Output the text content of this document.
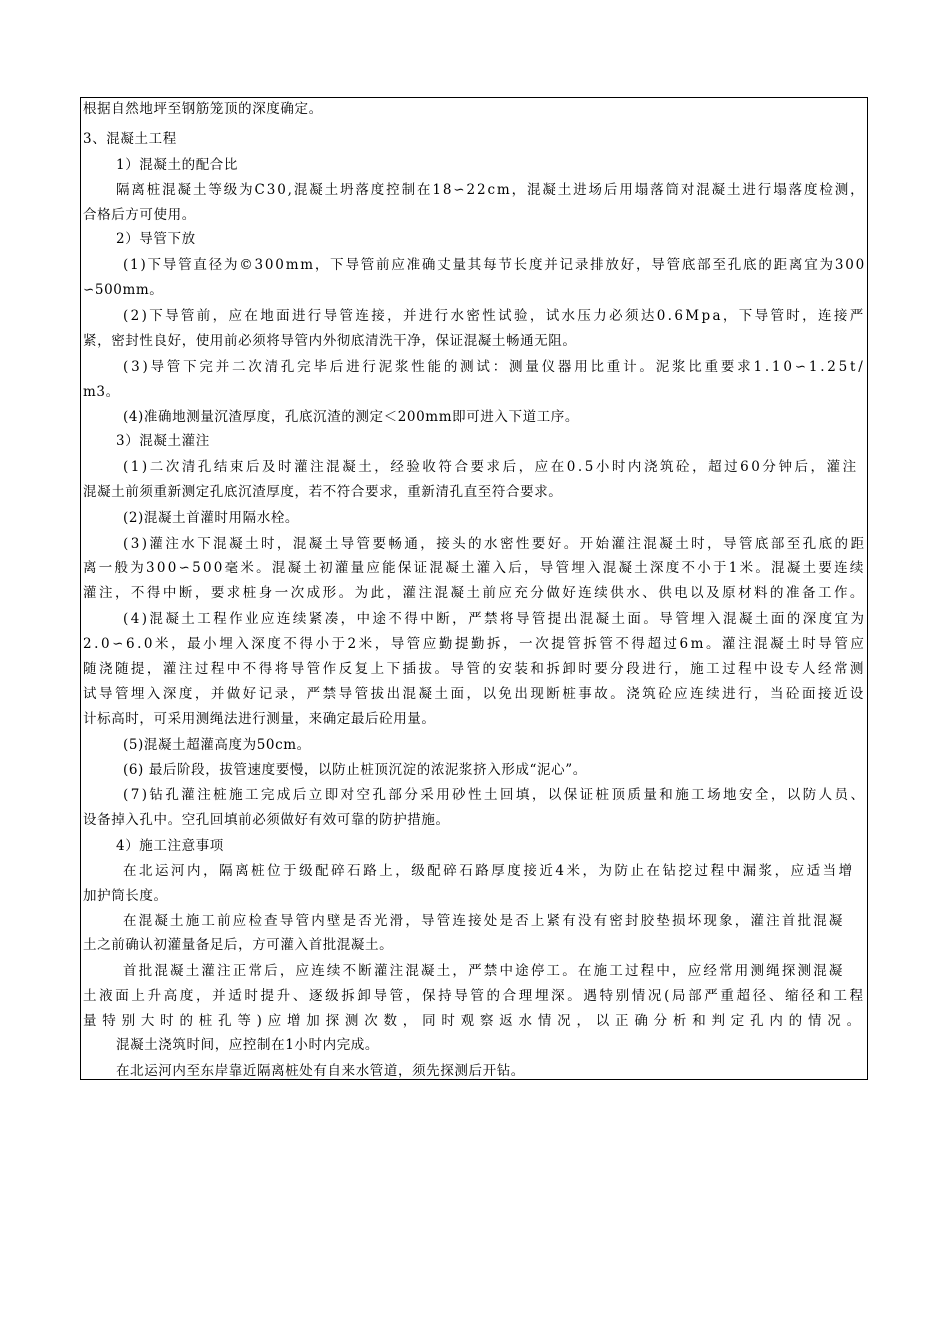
根据自然地坪至钢筋笼顶的深度确定。
3、混凝土工程
1）混凝土的配合比
隔离桩混凝土等级为C30,混凝土坍落度控制在18∽22cm，混凝土进场后用塌落筒对混凝土进行塌落度检测，
合格后方可使用。
2）导管下放
(1)下导管直径为©300mm，下导管前应准确丈量其每节长度并记录排放好，导管底部至孔底的距离宜为300
∽500mm。
(2)下导管前，应在地面进行导管连接，并进行水密性试验，试水压力必须达0.6Mpa，下导管时，连接严
紧，密封性良好，使用前必须将导管内外彻底清洗干净，保证混凝土畅通无阻。
(3)导管下完并二次清孔完毕后进行泥浆性能的测试：测量仪器用比重计。泥浆比重要求1.10∽1.25t/
m3。
(4)准确地测量沉渣厚度，孔底沉渣的测定＜200mm即可进入下道工序。
3）混凝土灌注
(1)二次清孔结束后及时灌注混凝土，经验收符合要求后，应在0.5小时内浇筑砼，超过60分钟后，灌注
混凝土前须重新测定孔底沉渣厚度，若不符合要求，重新清孔直至符合要求。
(2)混凝土首灌时用隔水栓。
(3)灌注水下混凝土时，混凝土导管要畅通，接头的水密性要好。开始灌注混凝土时，导管底部至孔底的距
离一般为300∽500毫米。混凝土初灌量应能保证混凝土灌入后，导管埋入混凝土深度不小于1米。混凝土要连续
灌注，不得中断，要求桩身一次成形。为此，灌注混凝土前应充分做好连续供水、供电以及原材料的准备工作。
(4)混凝土工程作业应连续紧凑，中途不得中断，严禁将导管提出混凝土面。导管埋入混凝土面的深度宜为
2.0∽6.0米，最小埋入深度不得小于2米，导管应勤提勤拆，一次提管拆管不得超过6m。灌注混凝土时导管应
随浇随提，灌注过程中不得将导管作反复上下插拔。导管的安装和拆卸时要分段进行，施工过程中设专人经常测
试导管埋入深度，并做好记录，严禁导管拔出混凝土面，以免出现断桩事故。浇筑砼应连续进行，当砼面接近设
计标高时，可采用测绳法进行测量，来确定最后砼用量。
(5)混凝土超灌高度为50cm。
(6) 最后阶段，拔管速度要慢，以防止桩顶沉淀的浓泥浆挤入形成“泥心”。
(7)钻孔灌注桩施工完成后立即对空孔部分采用砂性土回填，以保证桩顶质量和施工场地安全，以防人员、
设备掉入孔中。空孔回填前必须做好有效可靠的防护措施。
4）施工注意事项
在北运河内，隔离桩位于级配碎石路上，级配碎石路厚度接近4米，为防止在钻挖过程中漏浆，应适当增
加护筒长度。
在混凝土施工前应检查导管内壁是否光滑，导管连接处是否上紧有没有密封胶垫损坏现象，灌注首批混凝
土之前确认初灌量备足后，方可灌入首批混凝土。
首批混凝土灌注正常后，应连续不断灌注混凝土，严禁中途停工。在施工过程中，应经常用测绳探测混凝
土液面上升高度，并适时提升、逐级拆卸导管，保持导管的合理埋深。遇特别情况(局部严重超径、缩径和工程
量特别大时的桩孔等)应增加探测次数，同时观察返水情况，以正确分析和判定孔内的情况。
混凝土浇筑时间，应控制在1小时内完成。
在北运河内至东岸靠近隔离桩处有自来水管道，须先探测后开钻。
